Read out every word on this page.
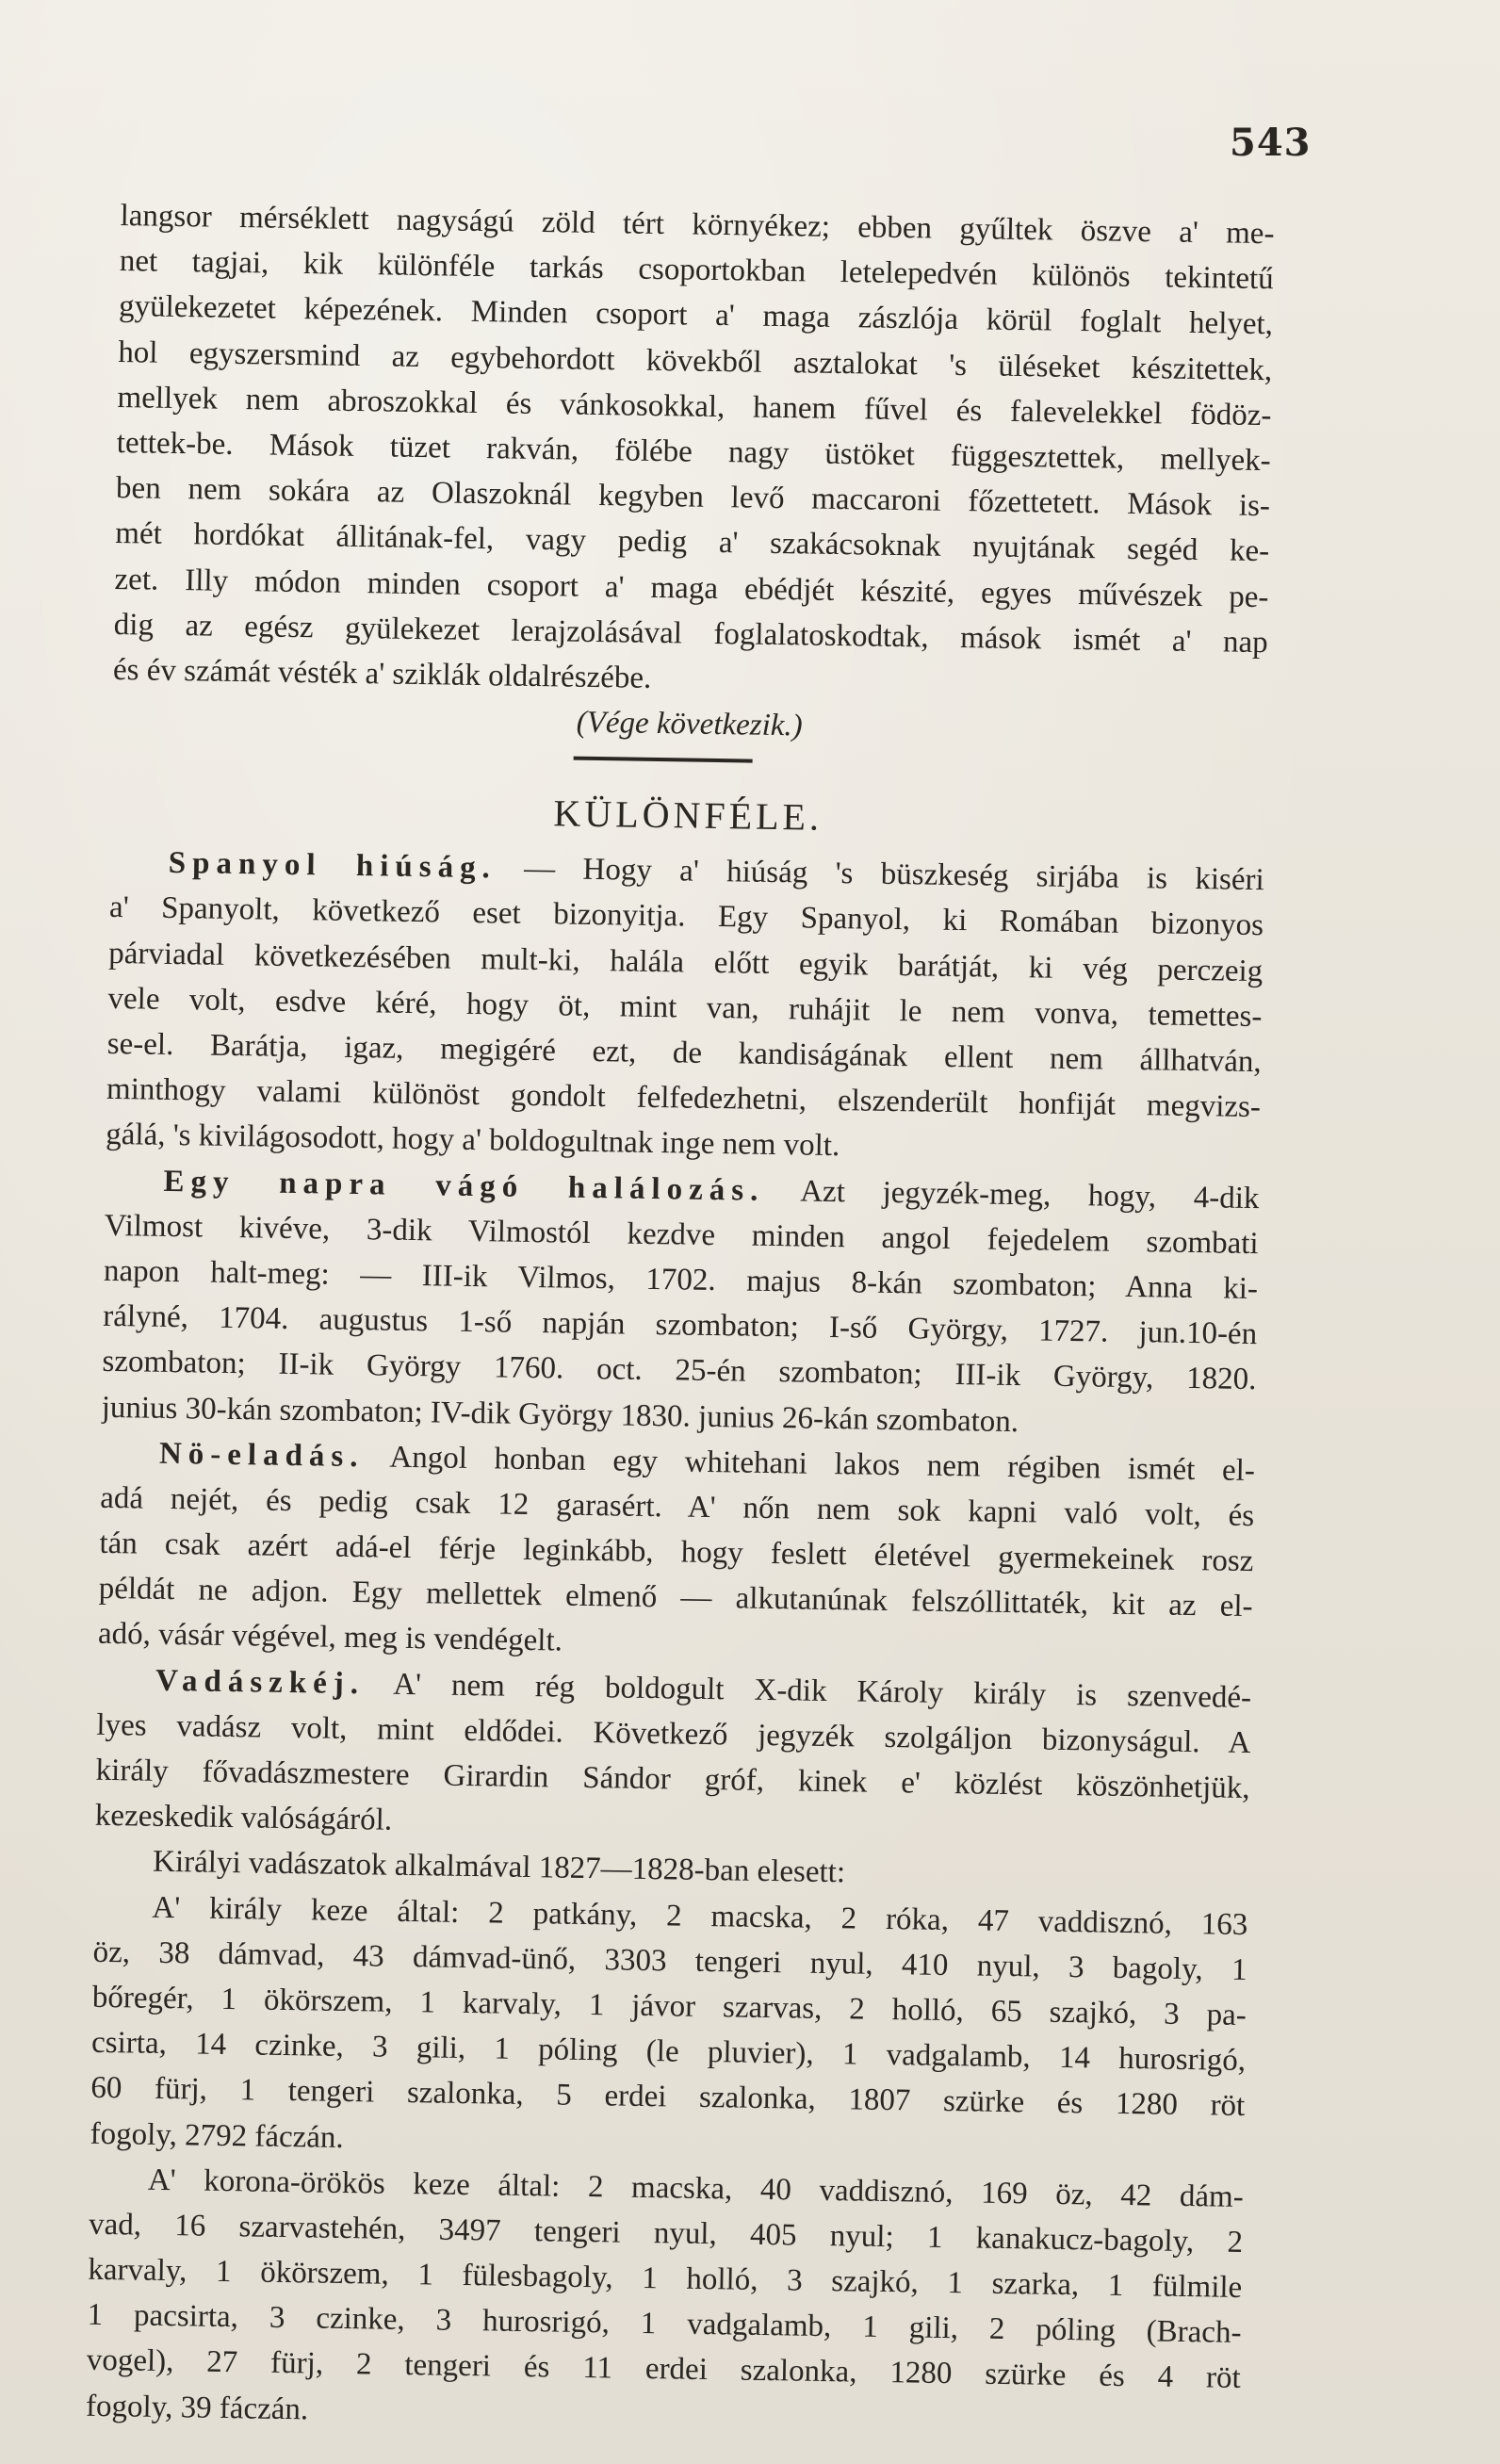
543
langsor mérséklett nagyságú zöld tért környékez; ebben gyűltek öszve a' me-
net tagjai, kik különféle tarkás csoportokban letelepedvén különös tekintetű
gyülekezetet képezének. Minden csoport a' maga zászlója körül foglalt helyet,
hol egyszersmind az egybehordott kövekből asztalokat 's üléseket készitettek,
mellyek nem abroszokkal és vánkosokkal, hanem fűvel és falevelekkel födöz-
tettek-be. Mások tüzet rakván, fölébe nagy üstöket függesztettek, mellyek-
ben nem sokára az Olaszoknál kegyben levő maccaroni főzettetett. Mások is-
mét hordókat állitának-fel, vagy pedig a' szakácsoknak nyujtának segéd ke-
zet. Illy módon minden csoport a' maga ebédjét készité, egyes művészek pe-
dig az egész gyülekezet lerajzolásával foglalatoskodtak, mások ismét a' nap
és év számát vésték a' sziklák oldalrészébe.
(Vége következik.)
KÜLÖNFÉLE.
Spanyol hiúság. — Hogy a' hiúság 's büszkeség sirjába is kiséri
a' Spanyolt, következő eset bizonyitja. Egy Spanyol, ki Romában bizonyos
párviadal következésében mult-ki, halála előtt egyik barátját, ki vég perczeig
vele volt, esdve kéré, hogy öt, mint van, ruhájit le nem vonva, temettes-
se-el. Barátja, igaz, megigéré ezt, de kandiságának ellent nem állhatván,
minthogy valami különöst gondolt felfedezhetni, elszenderült honfiját megvizs-
gálá, 's kivilágosodott, hogy a' boldogultnak inge nem volt.
Egy napra vágó halálozás. Azt jegyzék-meg, hogy, 4-dik
Vilmost kivéve, 3-dik Vilmostól kezdve minden angol fejedelem szombati
napon halt-meg: — III-ik Vilmos, 1702. majus 8-kán szombaton; Anna ki-
rályné, 1704. augustus 1-ső napján szombaton; I-ső György, 1727. jun.10-én
szombaton; II-ik György 1760. oct. 25-én szombaton; III-ik György, 1820.
junius 30-kán szombaton; IV-dik György 1830. junius 26-kán szombaton.
Nö-eladás. Angol honban egy whitehani lakos nem régiben ismét el-
adá nejét, és pedig csak 12 garasért. A' nőn nem sok kapni való volt, és
tán csak azért adá-el férje leginkább, hogy feslett életével gyermekeinek rosz
példát ne adjon. Egy mellettek elmenő — alkutanúnak felszóllittaték, kit az el-
adó, vásár végével, meg is vendégelt.
Vadászkéj. A' nem rég boldogult X-dik Károly király is szenvedé-
lyes vadász volt, mint eldődei. Következő jegyzék szolgáljon bizonyságul. A
király fővadászmestere Girardin Sándor gróf, kinek e' közlést köszönhetjük,
kezeskedik valóságáról.
Királyi vadászatok alkalmával 1827—1828-ban elesett:
A' király keze által: 2 patkány, 2 macska, 2 róka, 47 vaddisznó, 163
öz, 38 dámvad, 43 dámvad-ünő, 3303 tengeri nyul, 410 nyul, 3 bagoly, 1
bőregér, 1 ökörszem, 1 karvaly, 1 jávor szarvas, 2 holló, 65 szajkó, 3 pa-
csirta, 14 czinke, 3 gili, 1 póling (le pluvier), 1 vadgalamb, 14 hurosrigó,
60 fürj, 1 tengeri szalonka, 5 erdei szalonka, 1807 szürke és 1280 röt
fogoly, 2792 fáczán.
A' korona-örökös keze által: 2 macska, 40 vaddisznó, 169 öz, 42 dám-
vad, 16 szarvastehén, 3497 tengeri nyul, 405 nyul; 1 kanakucz-bagoly, 2
karvaly, 1 ökörszem, 1 fülesbagoly, 1 holló, 3 szajkó, 1 szarka, 1 fülmile
1 pacsirta, 3 czinke, 3 hurosrigó, 1 vadgalamb, 1 gili, 2 póling (Brach-
vogel), 27 fürj, 2 tengeri és 11 erdei szalonka, 1280 szürke és 4 röt
fogoly, 39 fáczán.
